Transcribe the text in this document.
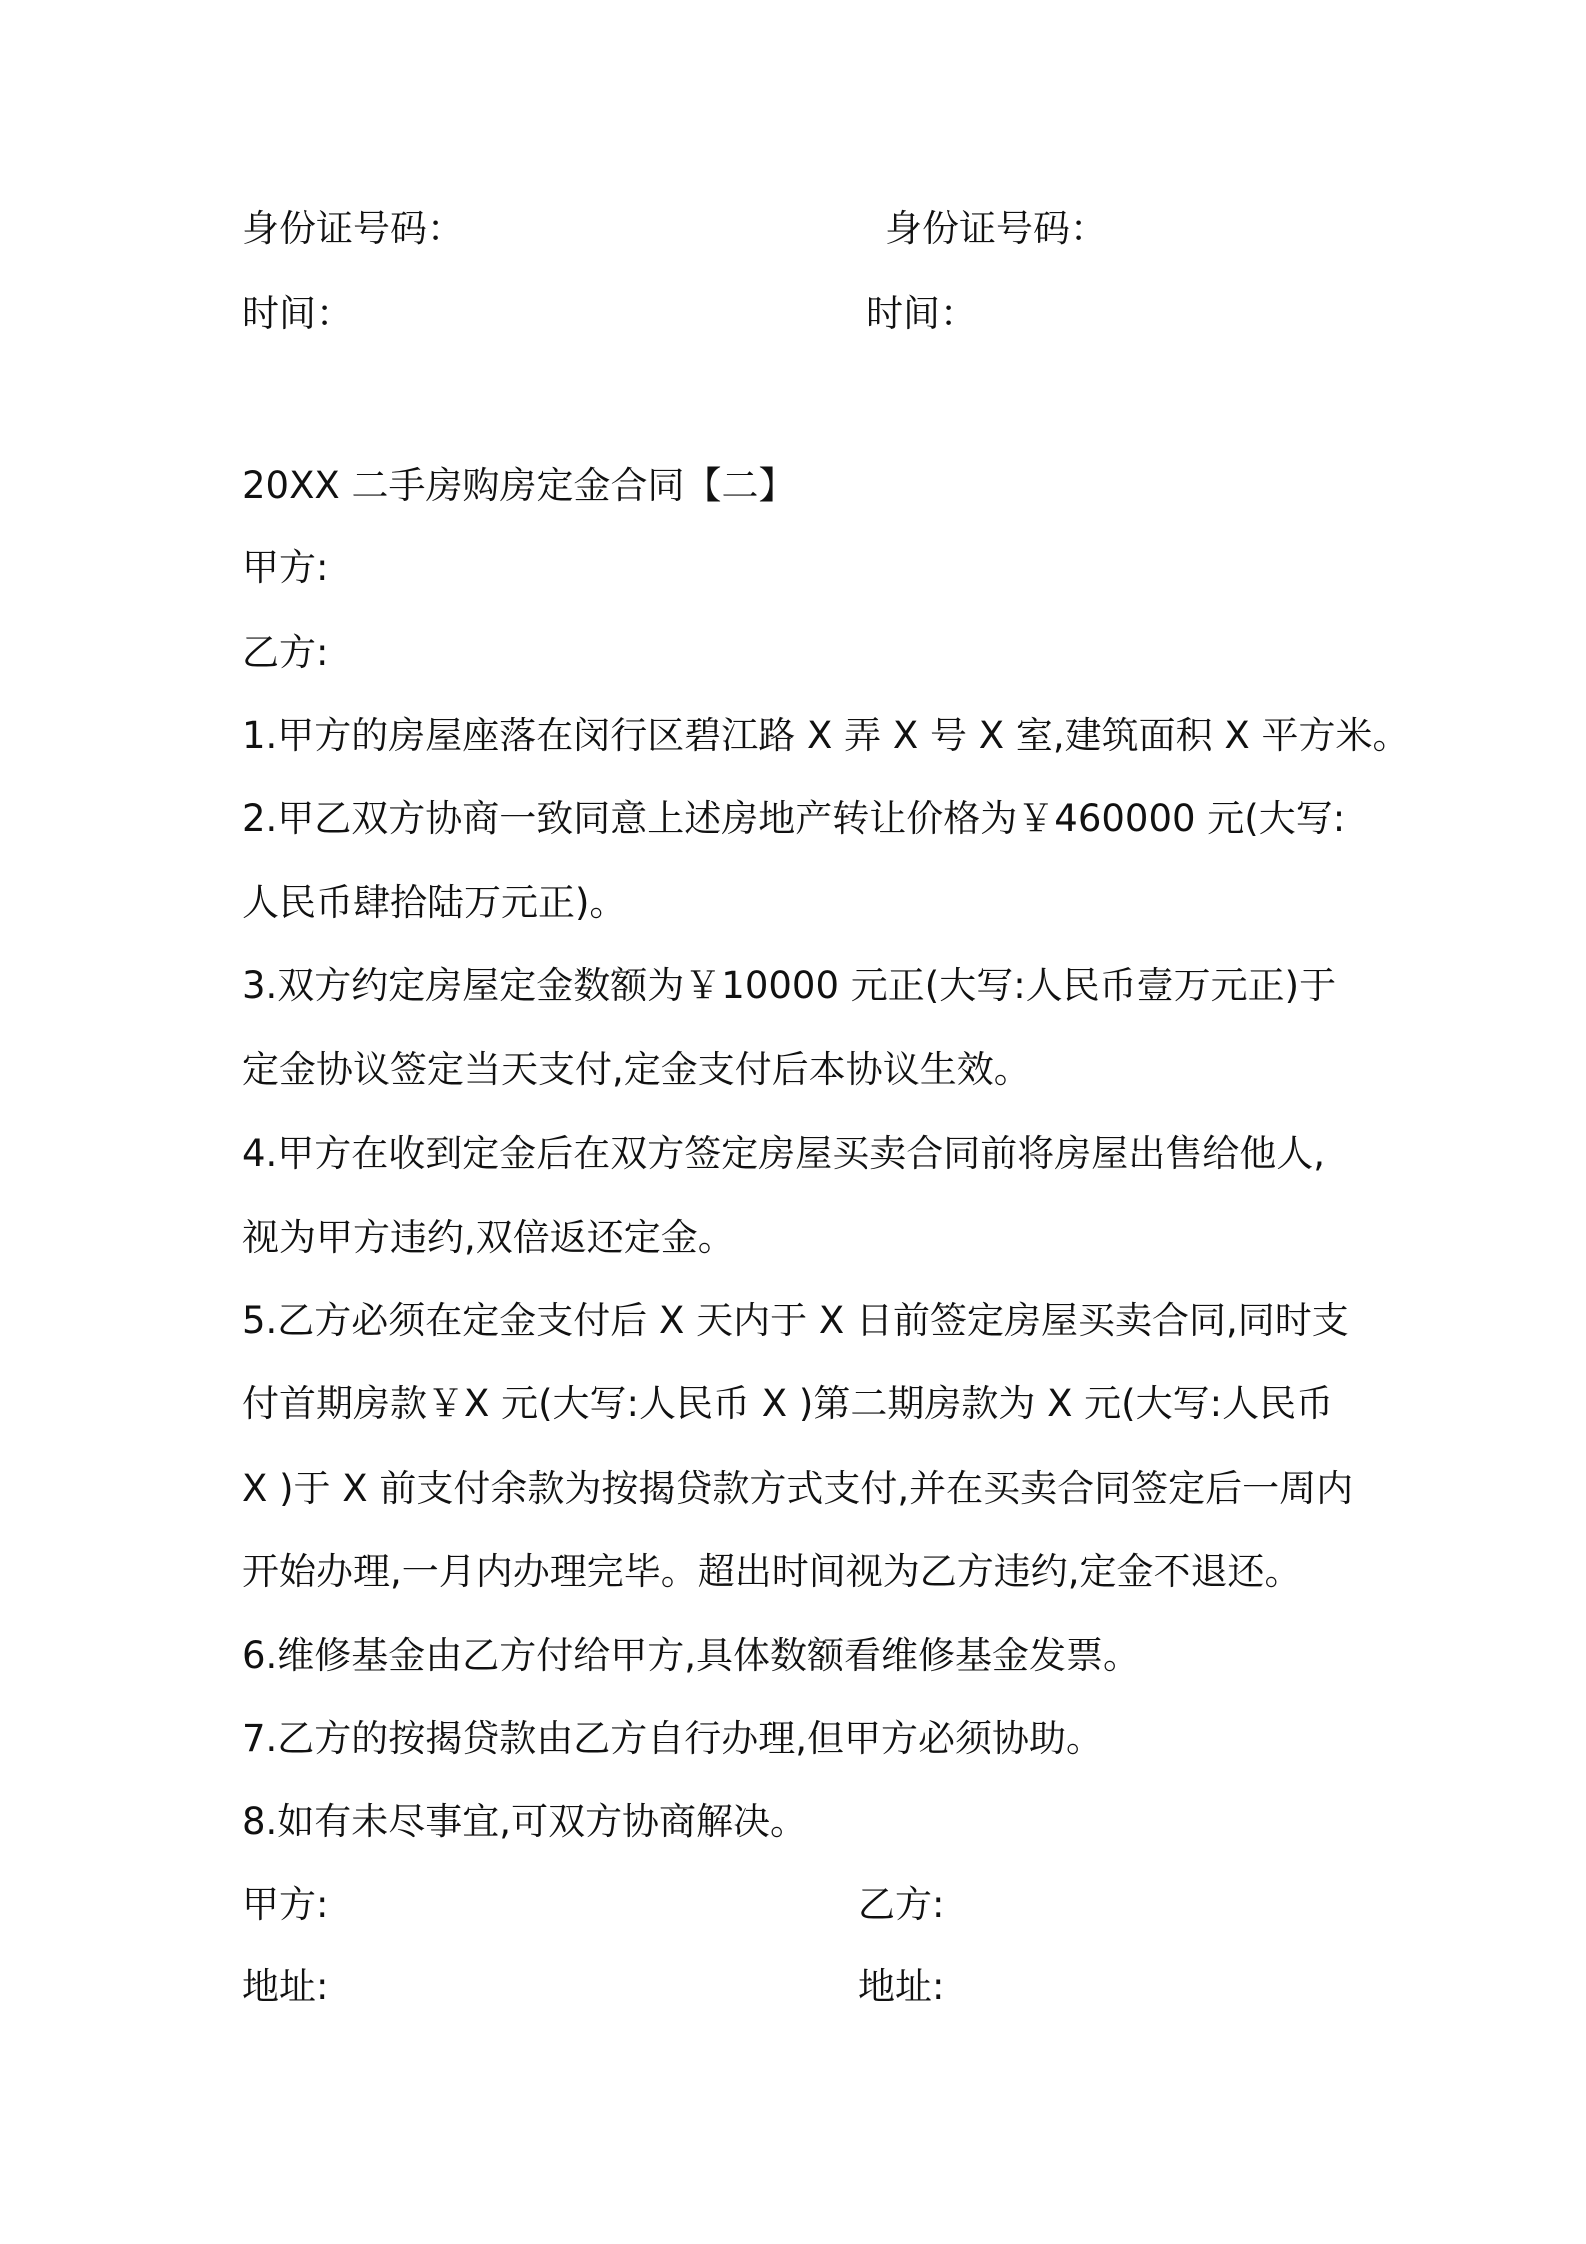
身份证号码：	身份证号码：
时间：	时间：
20XX 二手房购房定金合同【二】
甲方:
乙方:
1.甲方的房屋座落在闵行区碧江路 X 弄 X 号 X 室,建筑面积 X 平方米。
2.甲乙双方协商一致同意上述房地产转让价格为￥460000 元(大写:
人民币肆拾陆万元正)。
3.双方约定房屋定金数额为￥10000 元正(大写:人民币壹万元正)于
定金协议签定当天支付,定金支付后本协议生效。
4.甲方在收到定金后在双方签定房屋买卖合同前将房屋出售给他人,
视为甲方违约,双倍返还定金。
5.乙方必须在定金支付后 X 天内于 X 日前签定房屋买卖合同,同时支
付首期房款￥X 元(大写:人民币 X )第二期房款为 X 元(大写:人民币
X )于 X 前支付余款为按揭贷款方式支付,并在买卖合同签定后一周内
开始办理,一月内办理完毕。超出时间视为乙方违约,定金不退还。
6.维修基金由乙方付给甲方,具体数额看维修基金发票。
7.乙方的按揭贷款由乙方自行办理,但甲方必须协助。
8.如有未尽事宜,可双方协商解决。
甲方:	乙方:
地址:	地址:
